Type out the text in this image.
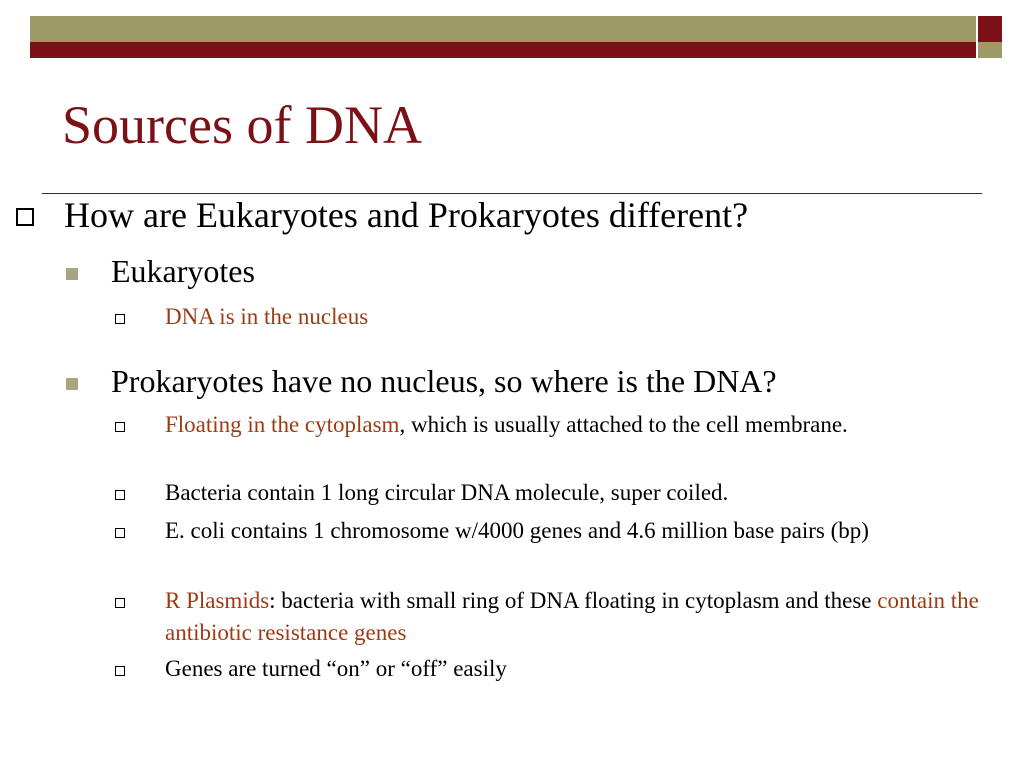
Sources of DNA

How are Eukaryotes and Prokaryotes different?

Eukaryotes

DNA is in the nucleus

Prokaryotes have no nucleus, so where is the DNA?

Floating in the cytoplasm, which is usually attached to the cell membrane.

Bacteria contain 1 long circular DNA molecule, super coiled.

E. coli contains 1 chromosome w/4000 genes and 4.6 million base pairs (bp)

R Plasmids: bacteria with small ring of DNA floating in cytoplasm and these contain the antibiotic resistance genes

Genes are turned “on” or “off” easily
